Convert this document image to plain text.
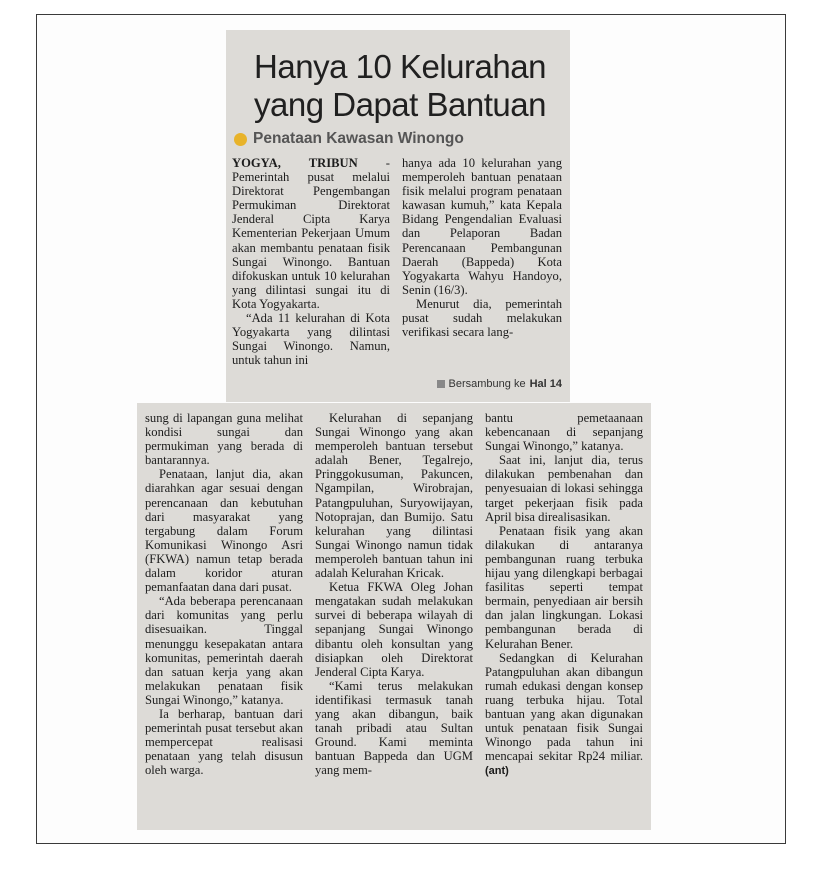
Hanya 10 Kelurahan
yang Dapat Bantuan
Penataan Kawasan Winongo

YOGYA, TRIBUN - Pemerintah pusat melalui Direktorat Pengembangan Permukiman Direktorat Jenderal Cipta Karya Kementerian Pekerjaan Umum akan membantu penataan fisik Sungai Winongo. Bantuan difokuskan untuk 10 kelurahan yang dilintasi sungai itu di Kota Yogyakarta.

“Ada 11 kelurahan di Kota Yogyakarta yang dilintasi Sungai Winongo. Namun, untuk tahun ini

hanya ada 10 kelurahan yang memperoleh bantuan penataan fisik melalui program penataan kawasan kumuh,” kata Kepala Bidang Pengendalian Evaluasi dan Pelaporan Badan Perencanaan Pembangunan Daerah (Bappeda) Kota Yogyakarta Wahyu Handoyo, Senin (16/3).

Menurut dia, pemerintah pusat sudah melakukan verifikasi secara lang-

Bersambung ke Hal 14

sung di lapangan guna melihat kondisi sungai dan permukiman yang berada di bantarannya.

Penataan, lanjut dia, akan diarahkan agar sesuai dengan perencanaan dan kebutuhan dari masyarakat yang tergabung dalam Forum Komunikasi Winongo Asri (FKWA) namun tetap berada dalam koridor aturan pemanfaatan dana dari pusat.

“Ada beberapa perencanaan dari komunitas yang perlu disesuaikan. Tinggal menunggu kesepakatan antara komunitas, pemerintah daerah dan satuan kerja yang akan melakukan penataan fisik Sungai Winongo,” katanya.

Ia berharap, bantuan dari pemerintah pusat tersebut akan mempercepat realisasi penataan yang telah disusun oleh warga.

Kelurahan di sepanjang Sungai Winongo yang akan memperoleh bantuan tersebut adalah Bener, Tegalrejo, Pringgokusuman, Pakuncen, Ngampilan, Wirobrajan, Patangpuluhan, Suryowijayan, Notoprajan, dan Bumijo. Satu kelurahan yang dilintasi Sungai Winongo namun tidak memperoleh bantuan tahun ini adalah Kelurahan Kricak.

Ketua FKWA Oleg Johan mengatakan sudah melakukan survei di beberapa wilayah di sepanjang Sungai Winongo dibantu oleh konsultan yang disiapkan oleh Direktorat Jenderal Cipta Karya.

“Kami terus melakukan identifikasi termasuk tanah yang akan dibangun, baik tanah pribadi atau Sultan Ground. Kami meminta bantuan Bappeda dan UGM yang mem-

bantu pemetaanaan kebencanaan di sepanjang Sungai Winongo,” katanya.

Saat ini, lanjut dia, terus dilakukan pembenahan dan penyesuaian di lokasi sehingga target pekerjaan fisik pada April bisa direalisasikan.

Penataan fisik yang akan dilakukan di antaranya pembangunan ruang terbuka hijau yang dilengkapi berbagai fasilitas seperti tempat bermain, penyediaan air bersih dan jalan lingkungan. Lokasi pembangunan berada di Kelurahan Bener.

Sedangkan di Kelurahan Patangpuluhan akan dibangun rumah edukasi dengan konsep ruang terbuka hijau. Total bantuan yang akan digunakan untuk penataan fisik Sungai Winongo pada tahun ini mencapai sekitar Rp24 miliar. (ant)
